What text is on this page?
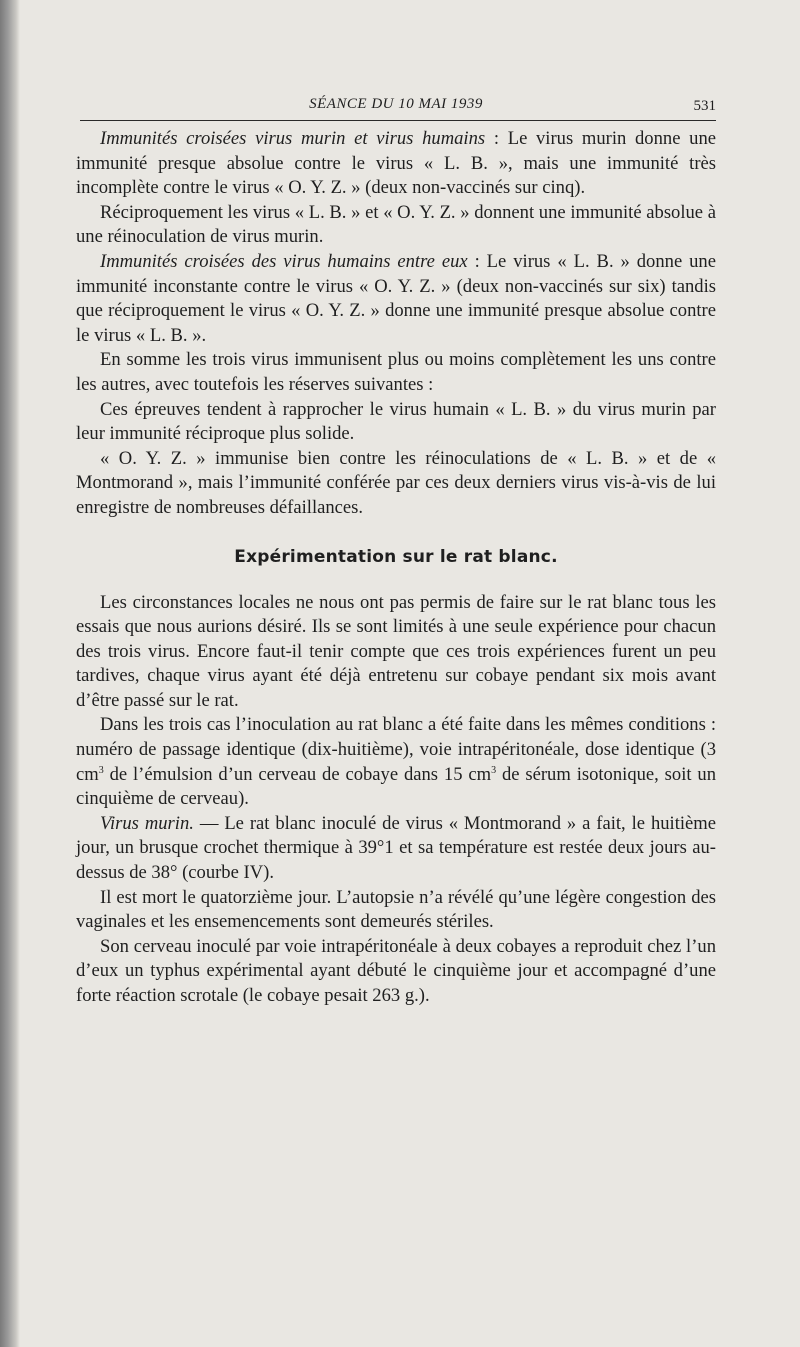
SÉANCE DU 10 MAI 1939	531

Immunités croisées virus murin et virus humains : Le virus murin donne une immunité presque absolue contre le virus « L. B. », mais une immunité très incomplète contre le virus « O. Y. Z. » (deux non-vaccinés sur cinq).

Réciproquement les virus « L. B. » et « O. Y. Z. » donnent une immunité absolue à une réinoculation de virus murin.

Immunités croisées des virus humains entre eux : Le virus « L. B. » donne une immunité inconstante contre le virus « O. Y. Z. » (deux non-vaccinés sur six) tandis que réciproquement le virus « O. Y. Z. » donne une immunité presque absolue contre le virus « L. B. ».

En somme les trois virus immunisent plus ou moins complètement les uns contre les autres, avec toutefois les réserves suivantes :

Ces épreuves tendent à rapprocher le virus humain « L. B. » du virus murin par leur immunité réciproque plus solide.

« O. Y. Z. » immunise bien contre les réinoculations de « L. B. » et de « Montmorand », mais l’immunité conférée par ces deux derniers virus vis-à-vis de lui enregistre de nombreuses défaillances.

Expérimentation sur le rat blanc.

Les circonstances locales ne nous ont pas permis de faire sur le rat blanc tous les essais que nous aurions désiré. Ils se sont limités à une seule expérience pour chacun des trois virus. Encore faut-il tenir compte que ces trois expériences furent un peu tardives, chaque virus ayant été déjà entretenu sur cobaye pendant six mois avant d’être passé sur le rat.

Dans les trois cas l’inoculation au rat blanc a été faite dans les mêmes conditions : numéro de passage identique (dix-huitième), voie intrapéritonéale, dose identique (3 $cm^3$ de l’émulsion d’un cerveau de cobaye dans 15 $cm^3$ de sérum isotonique, soit un cinquième de cerveau).

Virus murin. — Le rat blanc inoculé de virus « Montmorand » a fait, le huitième jour, un brusque crochet thermique à 39°1 et sa température est restée deux jours au-dessus de 38° (courbe IV).

Il est mort le quatorzième jour. L’autopsie n’a révélé qu’une légère congestion des vaginales et les ensemencements sont demeurés stériles.

Son cerveau inoculé par voie intrapéritonéale à deux cobayes a reproduit chez l’un d’eux un typhus expérimental ayant débuté le cinquième jour et accompagné d’une forte réaction scrotale (le cobaye pesait 263 g.).
